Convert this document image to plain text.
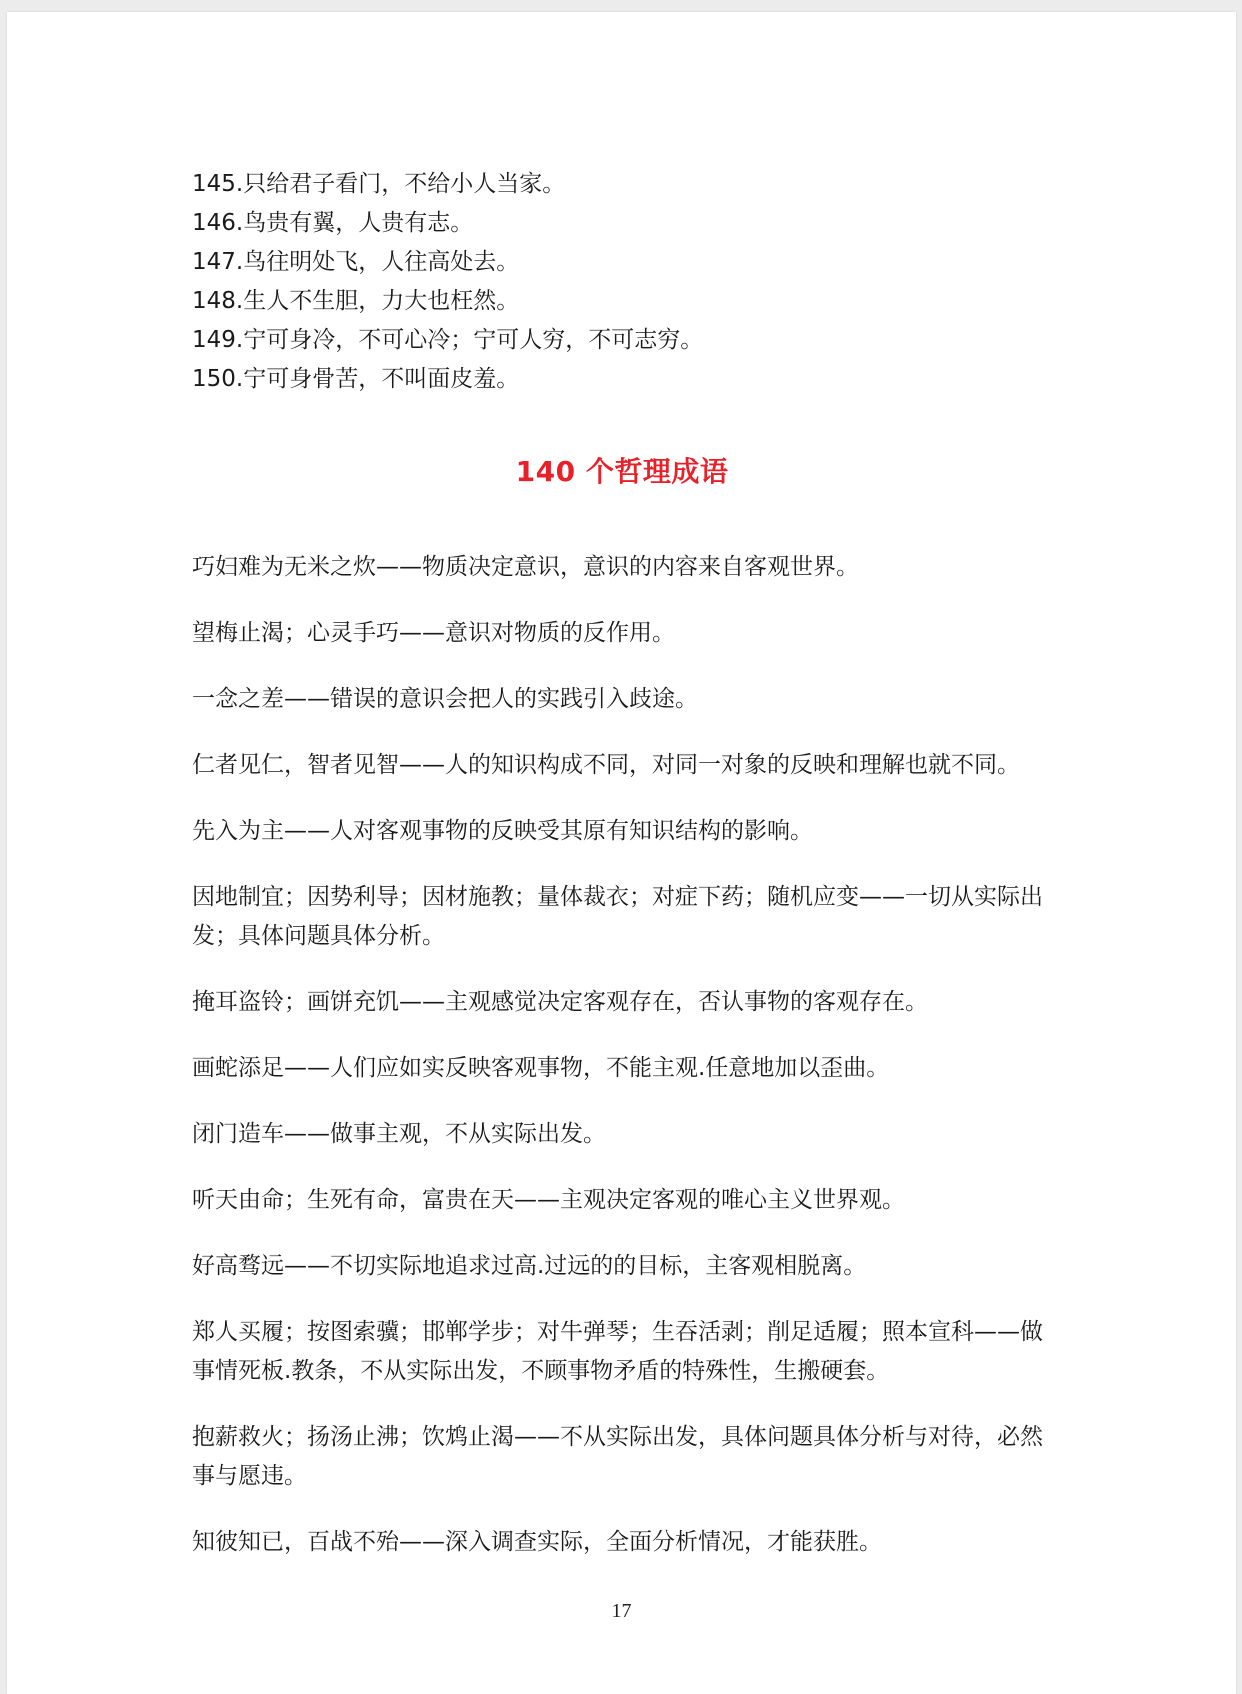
145.只给君子看门，不给小人当家。
146.鸟贵有翼，人贵有志。
147.鸟往明处飞，人往高处去。
148.生人不生胆，力大也枉然。
149.宁可身冷，不可心冷；宁可人穷，不可志穷。
150.宁可身骨苦，不叫面皮羞。
140 个哲理成语
巧妇难为无米之炊——物质决定意识，意识的内容来自客观世界。
望梅止渴；心灵手巧——意识对物质的反作用。
一念之差——错误的意识会把人的实践引入歧途。
仁者见仁，智者见智——人的知识构成不同，对同一对象的反映和理解也就不同。
先入为主——人对客观事物的反映受其原有知识结构的影响。
因地制宜；因势利导；因材施教；量体裁衣；对症下药；随机应变——一切从实际出发；具体问题具体分析。
掩耳盗铃；画饼充饥——主观感觉决定客观存在，否认事物的客观存在。
画蛇添足——人们应如实反映客观事物，不能主观.任意地加以歪曲。
闭门造车——做事主观，不从实际出发。
听天由命；生死有命，富贵在天——主观决定客观的唯心主义世界观。
好高骛远——不切实际地追求过高.过远的的目标，主客观相脱离。
郑人买履；按图索骥；邯郸学步；对牛弹琴；生吞活剥；削足适履；照本宣科——做事情死板.教条，不从实际出发，不顾事物矛盾的特殊性，生搬硬套。
抱薪救火；扬汤止沸；饮鸩止渴——不从实际出发，具体问题具体分析与对待，必然事与愿违。
知彼知已，百战不殆——深入调查实际，全面分析情况，才能获胜。
17
